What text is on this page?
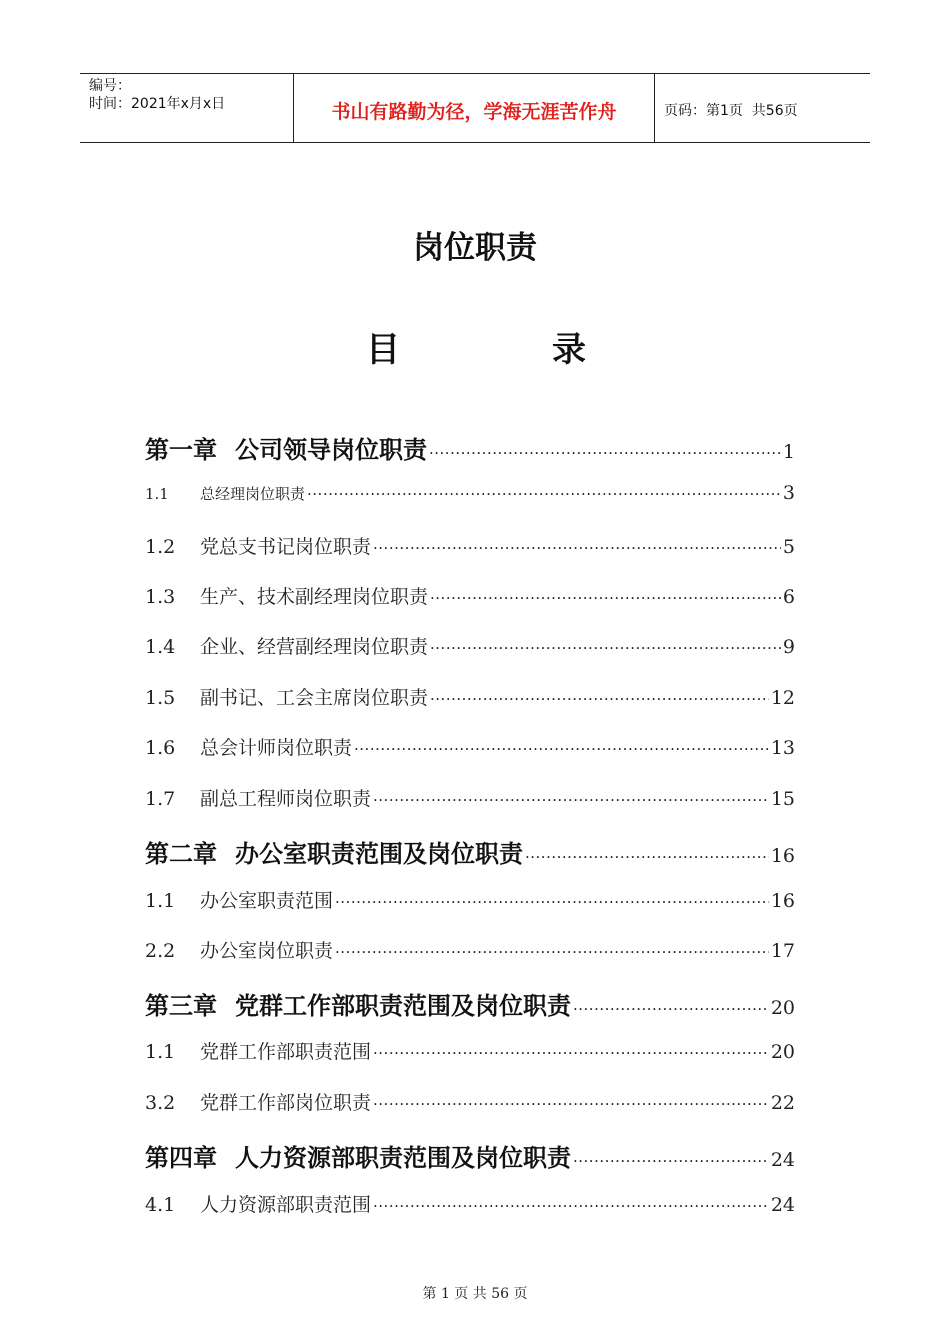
编号：
时间：2021年x月x日	书山有路勤为径，学海无涯苦作舟	页码：第1页  共56页
岗位职责
目	录
第一章 公司领导岗位职责 ·····	1
1.1	总经理岗位职责 ·····	3
1.2	党总支书记岗位职责 ·····	5
1.3	生产、技术副经理岗位职责 ·····	6
1.4	企业、经营副经理岗位职责 ·····	9
1.5	副书记、工会主席岗位职责 ·····	12
1.6	总会计师岗位职责 ·····	13
1.7	副总工程师岗位职责 ·····	15
第二章 办公室职责范围及岗位职责 ·····	16
1.1	办公室职责范围 ·····	16
2.2	办公室岗位职责 ·····	17
第三章 党群工作部职责范围及岗位职责 ·····	20
1.1	党群工作部职责范围 ·····	20
3.2	党群工作部岗位职责 ·····	22
第四章 人力资源部职责范围及岗位职责 ·····	24
4.1	人力资源部职责范围 ·····	24
第 1 页 共 56 页
